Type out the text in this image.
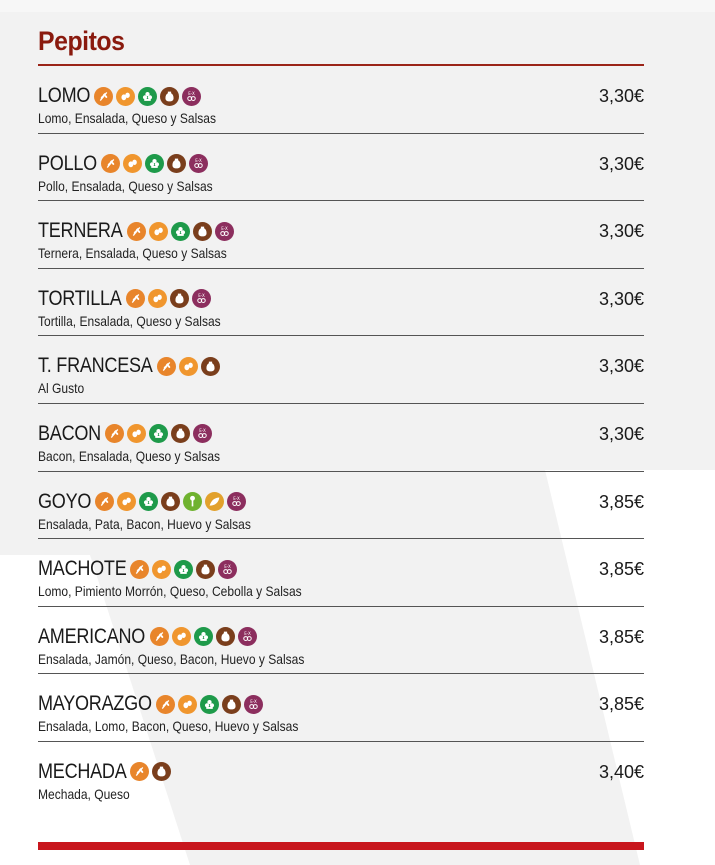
Pepitos
LOMO	E-X
Lomo, Ensalada, Queso y Salsas
3,30€
POLLO	E-X
Pollo, Ensalada, Queso y Salsas
3,30€
TERNERA	E-X
Ternera, Ensalada, Queso y Salsas
3,30€
TORTILLA	E-X
Tortilla, Ensalada, Queso y Salsas
3,30€
T. FRANCESA
Al Gusto
3,30€
BACON	E-X
Bacon, Ensalada, Queso y Salsas
3,30€
GOYO	E-X
Ensalada, Pata, Bacon, Huevo y Salsas
3,85€
MACHOTE	E-X
Lomo, Pimiento Morrón, Queso, Cebolla y Salsas
3,85€
AMERICANO	E-X
Ensalada, Jamón, Queso, Bacon, Huevo y Salsas
3,85€
MAYORAZGO	E-X
Ensalada, Lomo, Bacon, Queso, Huevo y Salsas
3,85€
MECHADA
Mechada, Queso
3,40€
